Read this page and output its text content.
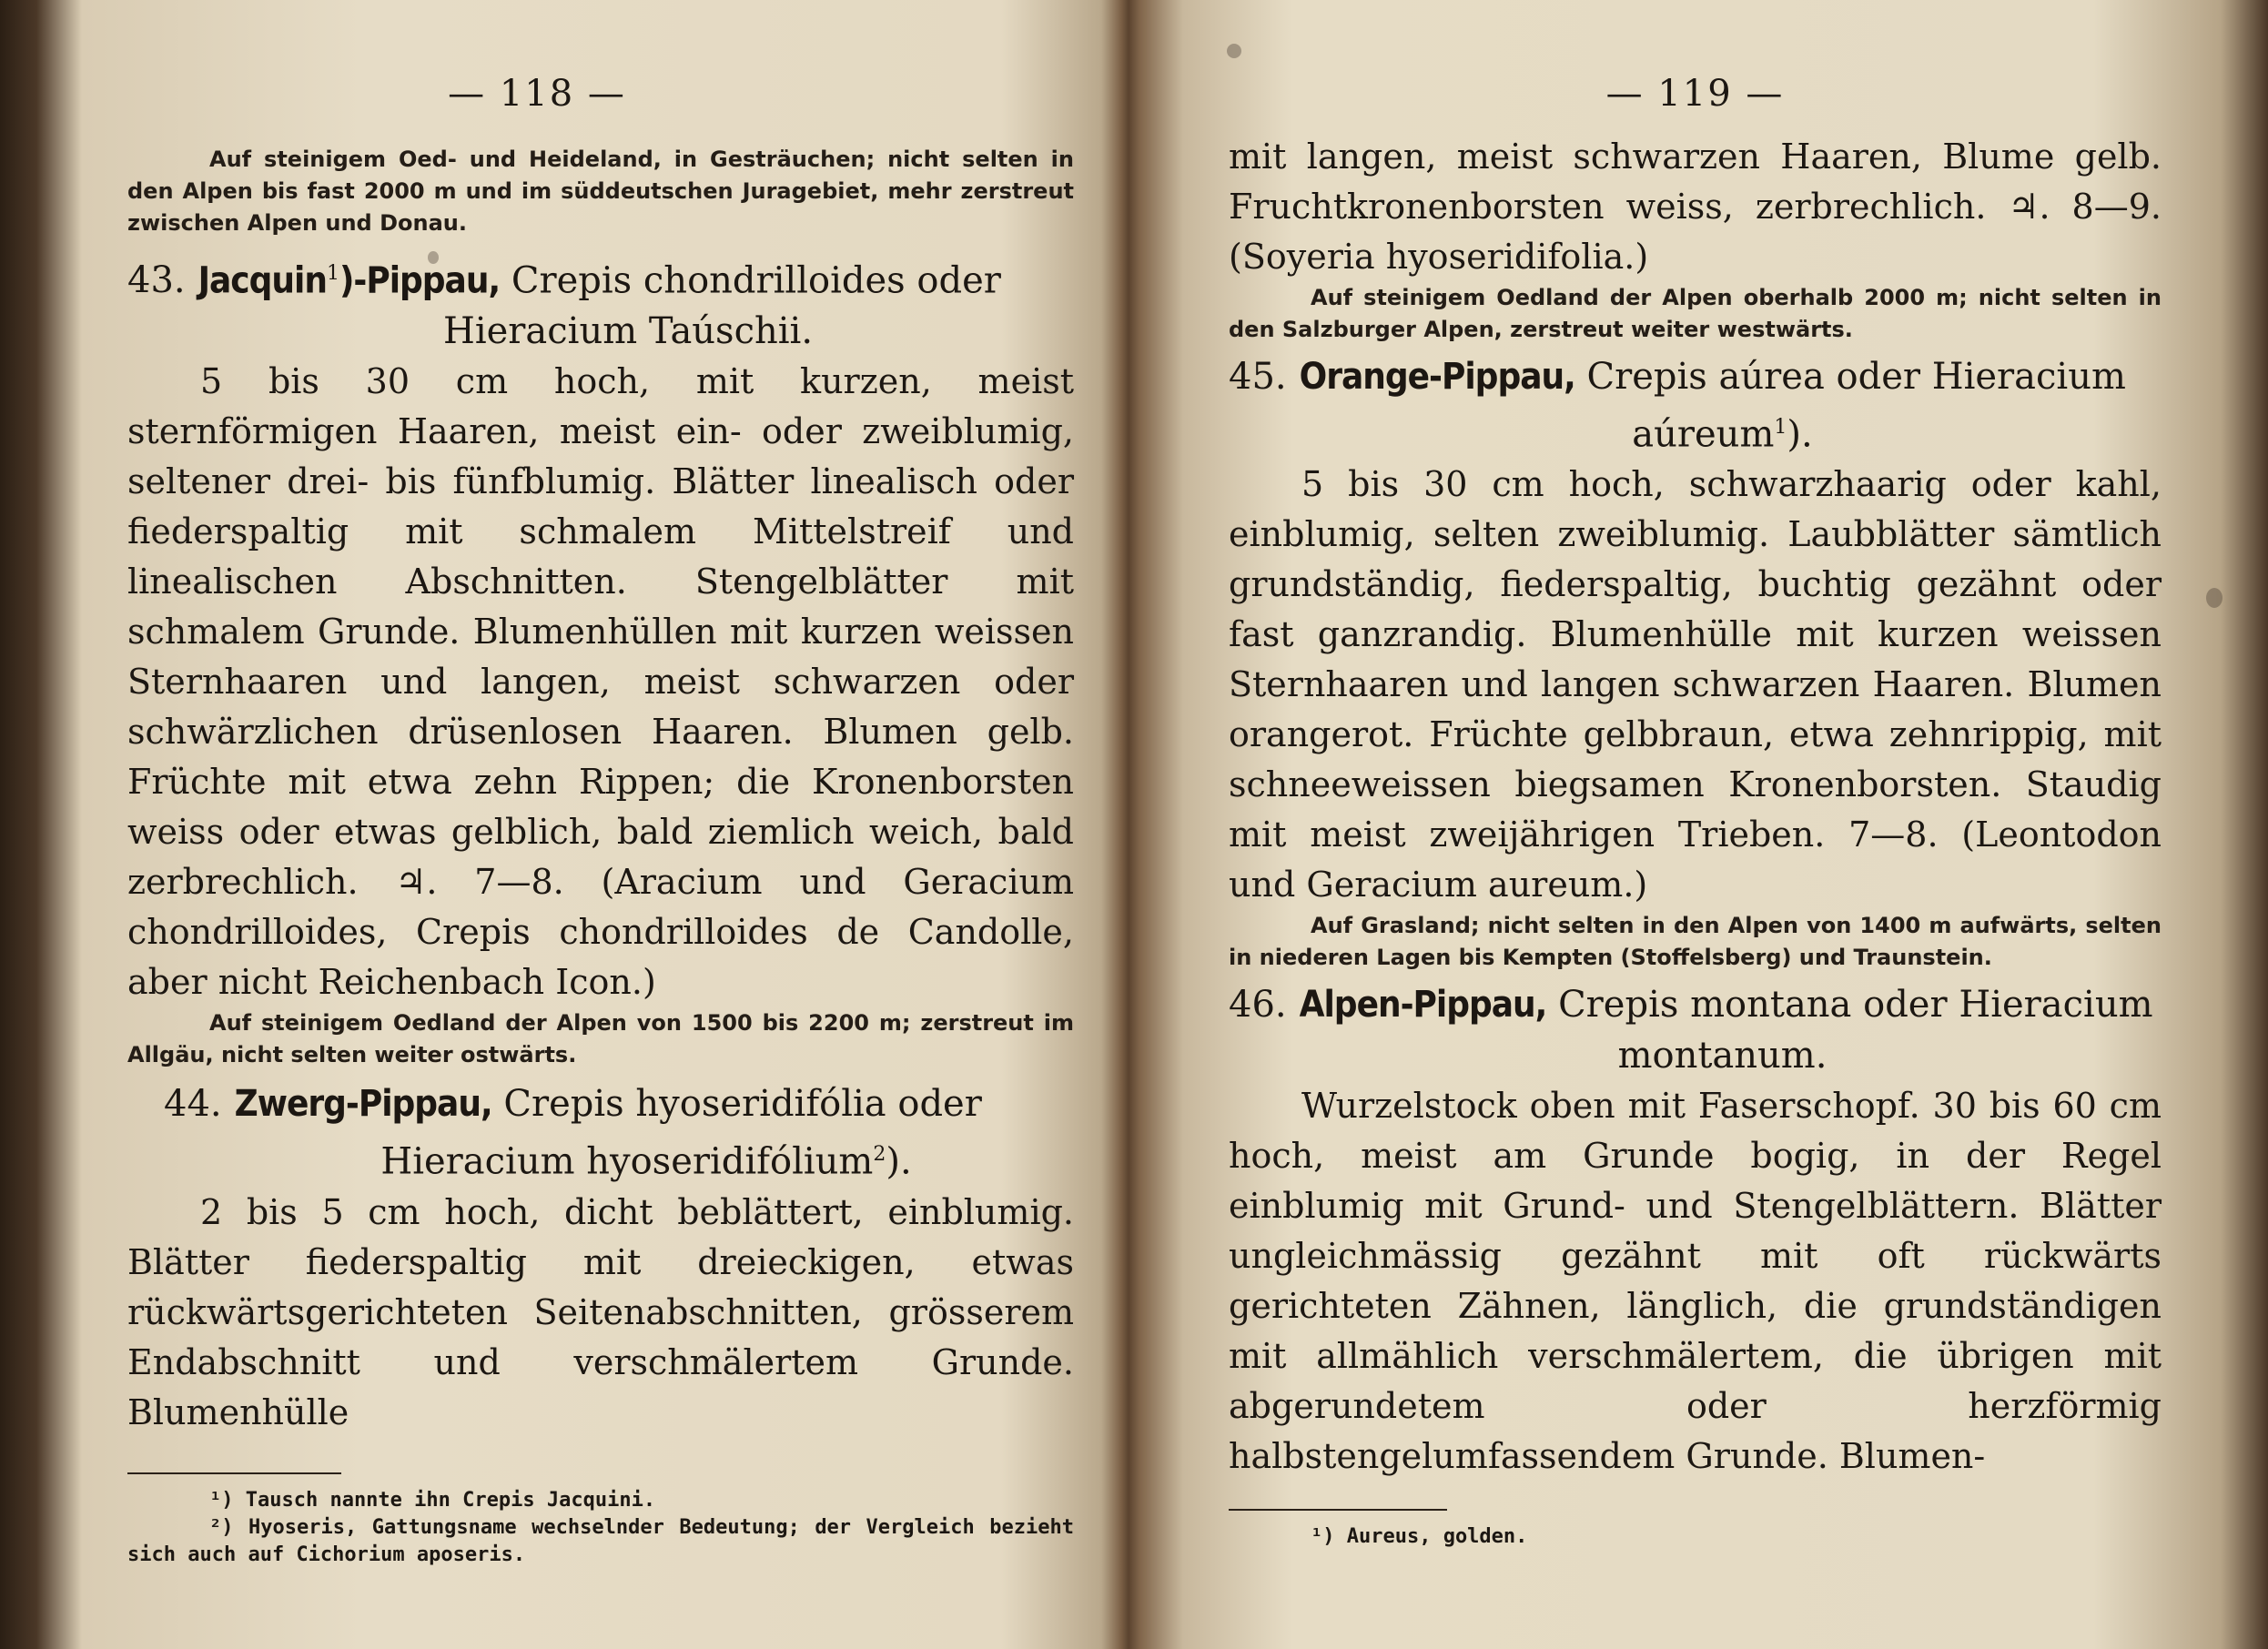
— 118 —

Auf steinigem Oed- und Heideland, in Gesträuchen; nicht selten in den Alpen bis fast 2000 m und im süddeutschen Juragebiet, mehr zerstreut zwischen Alpen und Donau.

43. Jacquin$^1$)-Pippau, Crepis chondrilloides oder
Hieracium Taúschii.

5 bis 30 cm hoch, mit kurzen, meist sternförmigen Haaren, meist ein- oder zweiblumig, seltener drei- bis fünfblumig. Blätter linealisch oder fiederspaltig mit schmalem Mittelstreif und linealischen Abschnitten. Stengelblätter mit schmalem Grunde. Blumenhüllen mit kurzen weissen Sternhaaren und langen, meist schwarzen oder schwärzlichen drüsenlosen Haaren. Blumen gelb. Früchte mit etwa zehn Rippen; die Kronenborsten weiss oder etwas gelblich, bald ziemlich weich, bald zerbrechlich. ♃. 7—8. (Aracium und Geracium chondrilloides, Crepis chondrilloides de Candolle, aber nicht Reichenbach Icon.)

Auf steinigem Oedland der Alpen von 1500 bis 2200 m; zerstreut im Allgäu, nicht selten weiter ostwärts.

44. Zwerg-Pippau, Crepis hyoseridifólia oder
Hieracium hyoseridifólium$^2$).

2 bis 5 cm hoch, dicht beblättert, einblumig. Blätter fiederspaltig mit dreieckigen, etwas rückwärtsgerichteten Seitenabschnitten, grösserem Endabschnitt und verschmälertem Grunde. Blumenhülle

¹) Tausch nannte ihn Crepis Jacquini.

²) Hyoseris, Gattungsname wechselnder Bedeutung; der Vergleich bezieht sich auch auf Cichorium aposeris.

— 119 —

mit langen, meist schwarzen Haaren, Blume gelb. Fruchtkronenborsten weiss, zerbrechlich. ♃. 8—9. (Soyeria hyoseridifolia.)

Auf steinigem Oedland der Alpen oberhalb 2000 m; nicht selten in den Salzburger Alpen, zerstreut weiter westwärts.

45. Orange-Pippau, Crepis aúrea oder Hieracium
aúreum$^1$).

5 bis 30 cm hoch, schwarzhaarig oder kahl, einblumig, selten zweiblumig. Laubblätter sämtlich grundständig, fiederspaltig, buchtig gezähnt oder fast ganzrandig. Blumenhülle mit kurzen weissen Sternhaaren und langen schwarzen Haaren. Blumen orangerot. Früchte gelbbraun, etwa zehnrippig, mit schneeweissen biegsamen Kronenborsten. Staudig mit meist zweijährigen Trieben. 7—8. (Leontodon und Geracium aureum.)

Auf Grasland; nicht selten in den Alpen von 1400 m aufwärts, selten in niederen Lagen bis Kempten (Stoffelsberg) und Traunstein.

46. Alpen-Pippau, Crepis montana oder Hieracium
montanum.

Wurzelstock oben mit Faserschopf. 30 bis 60 cm hoch, meist am Grunde bogig, in der Regel einblumig mit Grund- und Stengelblättern. Blätter ungleichmässig gezähnt mit oft rückwärts gerichteten Zähnen, länglich, die grundständigen mit allmählich verschmälertem, die übrigen mit abgerundetem oder herzförmig halbstengelumfassendem Grunde. Blumen-

¹) Aureus, golden.
